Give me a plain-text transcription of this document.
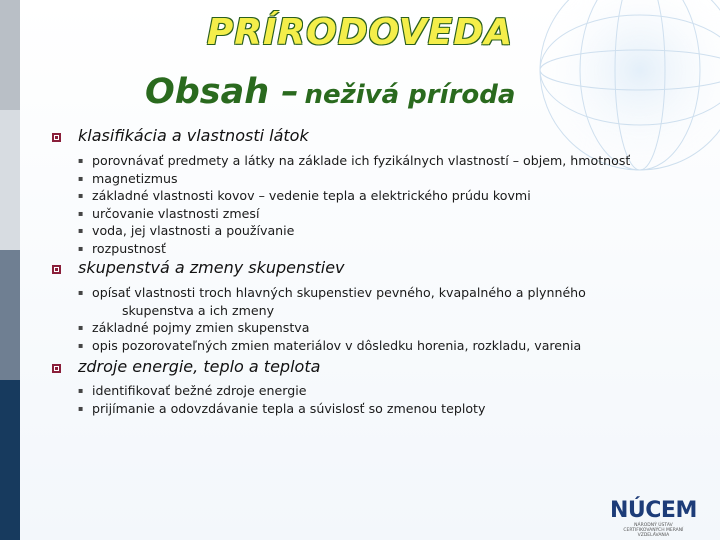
PRÍRODOVEDA
Obsah – neživá príroda
klasifikácia a vlastnosti látok
▪ porovnávať predmety a látky na základe ich fyzikálnych vlastností – objem, hmotnosť
▪ magnetizmus
▪ základné vlastnosti kovov – vedenie tepla a elektrického prúdu kovmi
▪ určovanie vlastnosti zmesí
▪ voda, jej vlastnosti a používanie
▪ rozpustnosť
skupenstvá a zmeny skupenstiev
▪ opísať vlastnosti troch hlavných skupenstiev pevného, kvapalného a plynného
skupenstva a ich zmeny
▪ základné pojmy zmien skupenstva
▪ opis pozorovateľných zmien materiálov v dôsledku horenia, rozkladu, varenia
zdroje energie, teplo a teplota
▪ identifikovať bežné zdroje energie
▪ prijímanie a odovzdávanie tepla a súvislosť so zmenou teploty
NÚCEM
NÁRODNÝ ÚSTAV CERTIFIKOVANÝCH MERANÍ VZDELÁVANIA
